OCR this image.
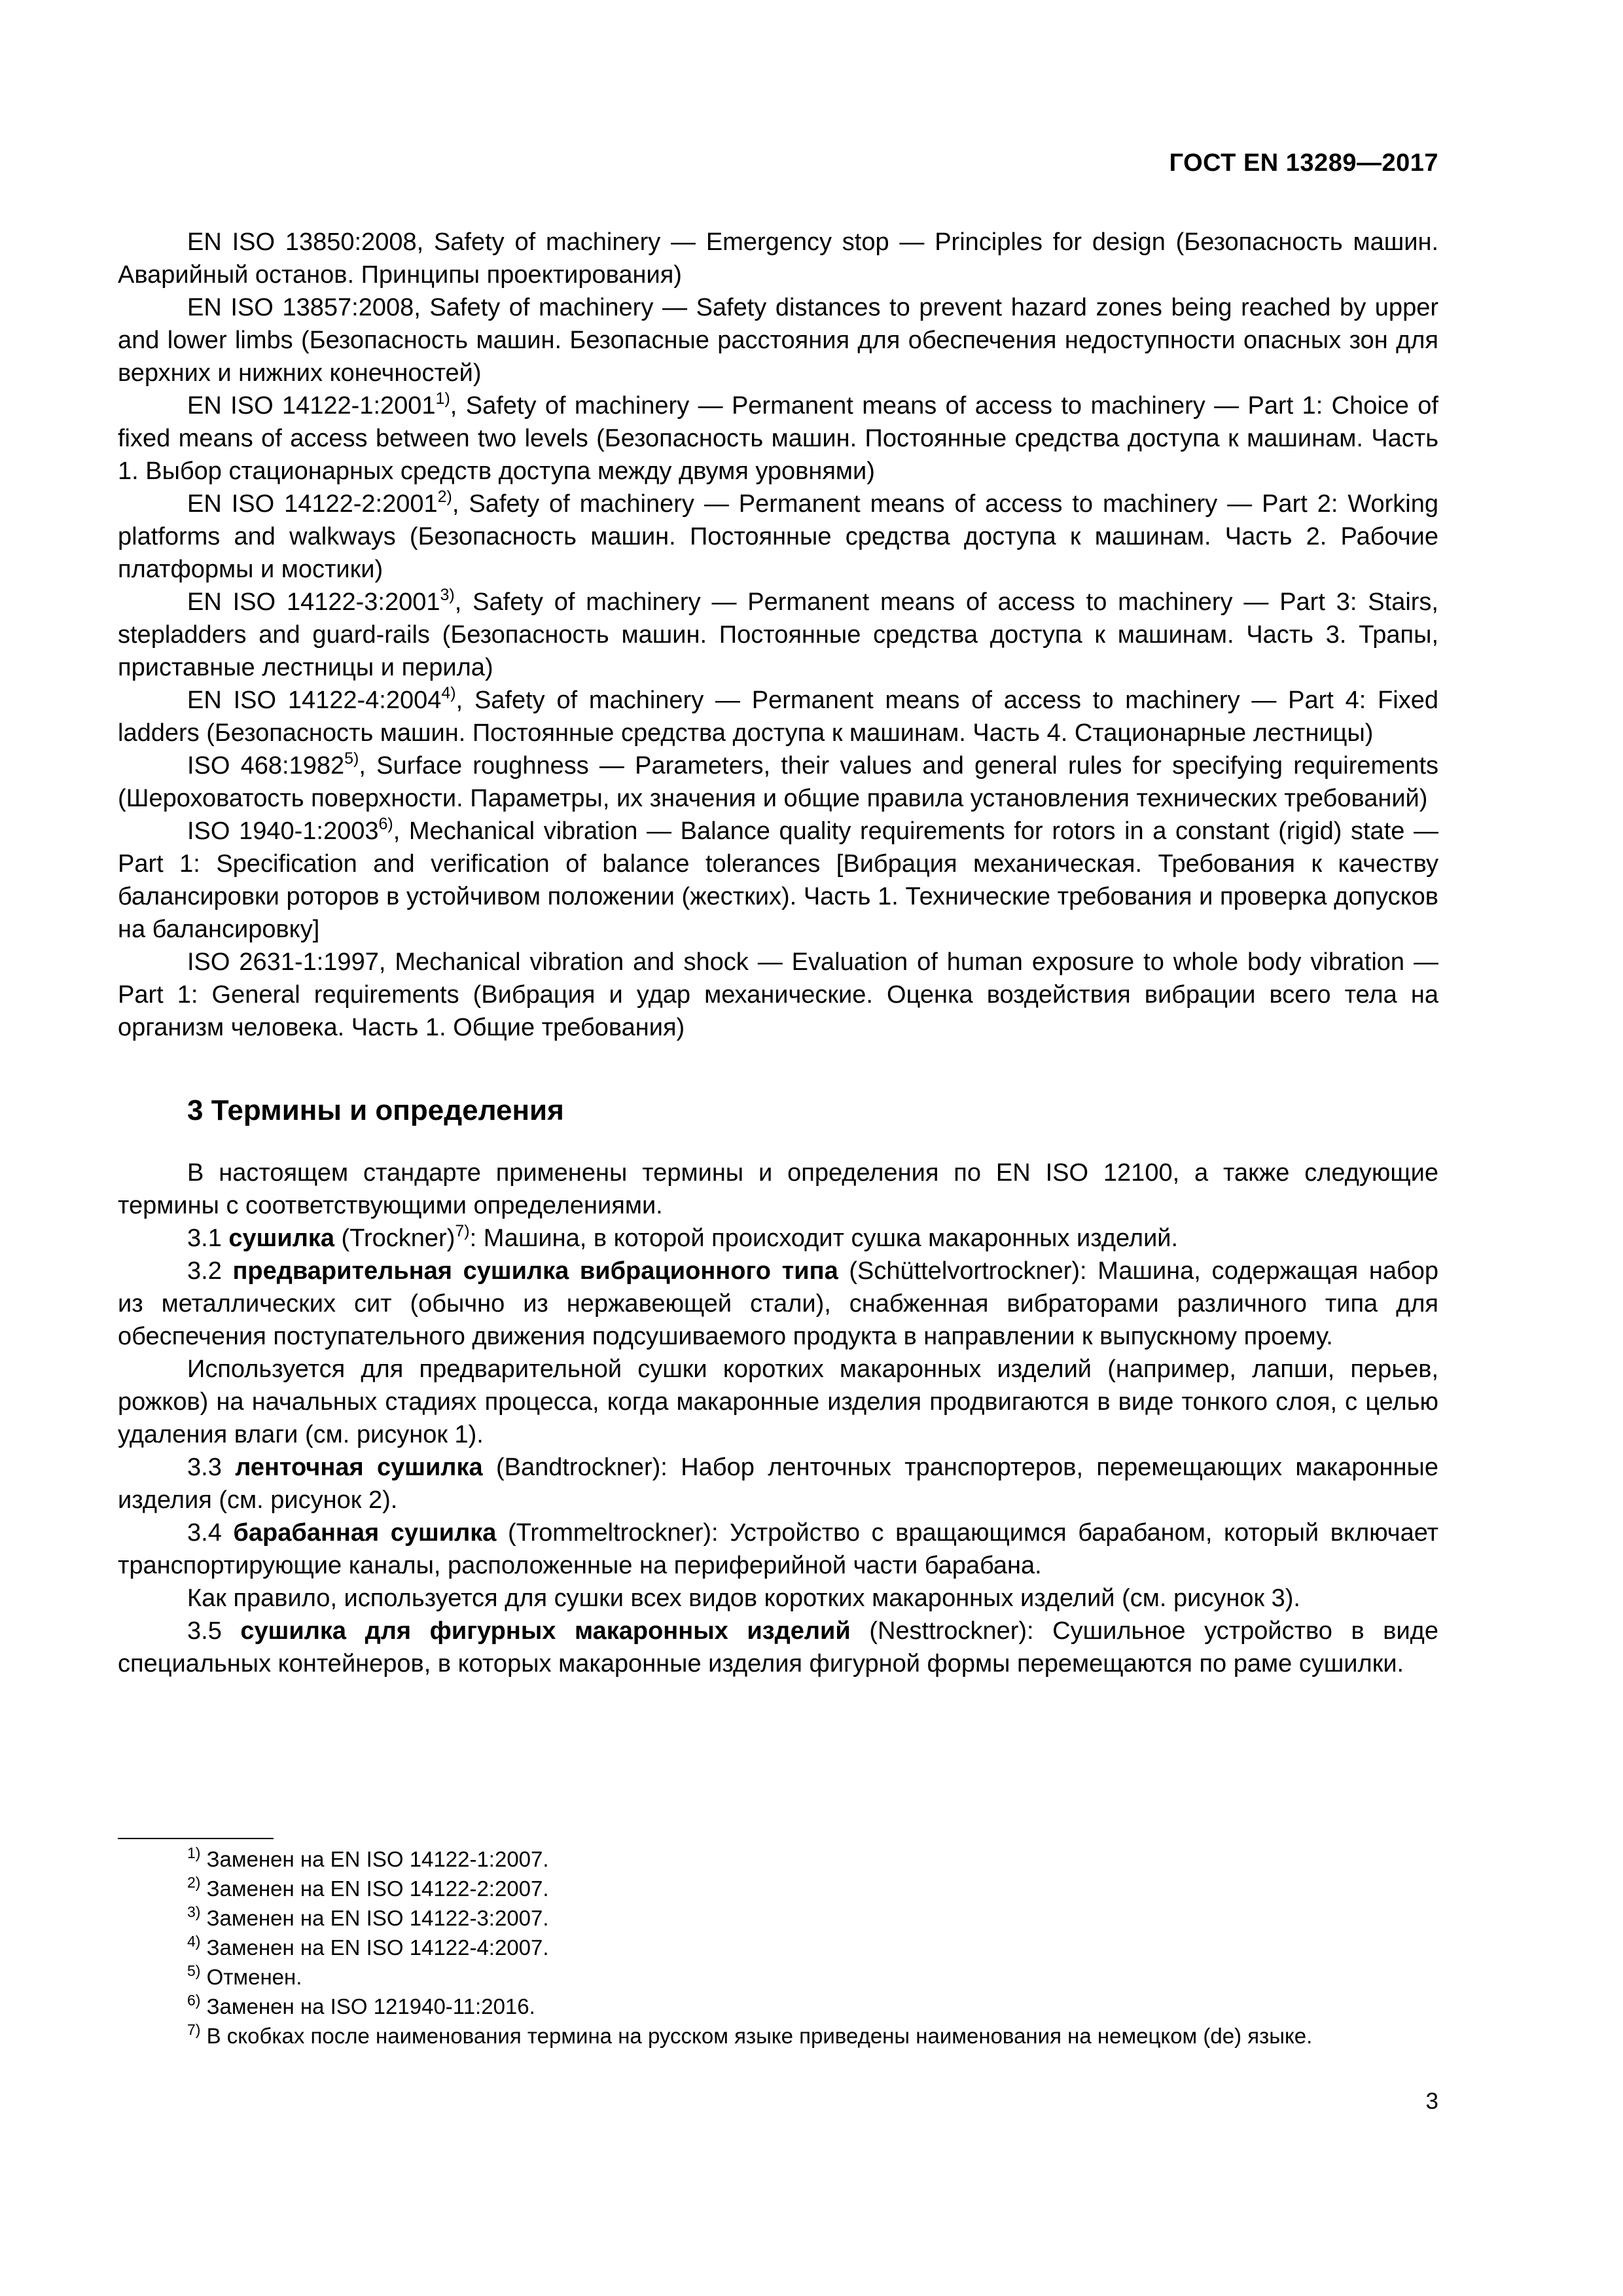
ГОСТ EN 13289—2017

EN ISO 13850:2008, Safety of machinery — Emergency stop — Principles for design (Безопасность машин. Аварийный останов. Принципы проектирования)

EN ISO 13857:2008, Safety of machinery — Safety distances to prevent hazard zones being reached by upper and lower limbs (Безопасность машин. Безопасные расстояния для обеспечения недоступности опасных зон для верхних и нижних конечностей)

EN ISO 14122-1:2001$^{1)}$, Safety of machinery — Permanent means of access to machinery — Part 1: Choice of fixed means of access between two levels (Безопасность машин. Постоянные средства доступа к машинам. Часть 1. Выбор стационарных средств доступа между двумя уровнями)

EN ISO 14122-2:2001$^{2)}$, Safety of machinery — Permanent means of access to machinery — Part 2: Working platforms and walkways (Безопасность машин. Постоянные средства доступа к машинам. Часть 2. Рабочие платформы и мостики)

EN ISO 14122-3:2001$^{3)}$, Safety of machinery — Permanent means of access to machinery — Part 3: Stairs, stepladders and guard-rails (Безопасность машин. Постоянные средства доступа к машинам. Часть 3. Трапы, приставные лестницы и перила)

EN ISO 14122-4:2004$^{4)}$, Safety of machinery — Permanent means of access to machinery — Part 4: Fixed ladders (Безопасность машин. Постоянные средства доступа к машинам. Часть 4. Стационарные лестницы)

ISO 468:1982$^{5)}$, Surface roughness — Parameters, their values and general rules for specifying requirements (Шероховатость поверхности. Параметры, их значения и общие правила установления технических требований)

ISO 1940-1:2003$^{6)}$, Mechanical vibration — Balance quality requirements for rotors in a constant (rigid) state — Part 1: Specification and verification of balance tolerances [Вибрация механическая. Требования к качеству балансировки роторов в устойчивом положении (жестких). Часть 1. Технические требования и проверка допусков на балансировку]

ISO 2631-1:1997, Mechanical vibration and shock — Evaluation of human exposure to whole body vibration — Part 1: General requirements (Вибрация и удар механические. Оценка воздействия вибрации всего тела на организм человека. Часть 1. Общие требования)

3 Термины и определения

В настоящем стандарте применены термины и определения по EN ISO 12100, а также следующие термины с соответствующими определениями.

3.1 сушилка (Trockner)$^{7)}$: Машина, в которой происходит сушка макаронных изделий.

3.2 предварительная сушилка вибрационного типа (Schüttelvortrockner): Машина, содержащая набор из металлических сит (обычно из нержавеющей стали), снабженная вибраторами различного типа для обеспечения поступательного движения подсушиваемого продукта в направлении к выпускному проему.

Используется для предварительной сушки коротких макаронных изделий (например, лапши, перьев, рожков) на начальных стадиях процесса, когда макаронные изделия продвигаются в виде тонкого слоя, с целью удаления влаги (см. рисунок 1).

3.3 ленточная сушилка (Bandtrockner): Набор ленточных транспортеров, перемещающих макаронные изделия (см. рисунок 2).

3.4 барабанная сушилка (Trommeltrockner): Устройство с вращающимся барабаном, который включает транспортирующие каналы, расположенные на периферийной части барабана.

Как правило, используется для сушки всех видов коротких макаронных изделий (см. рисунок 3).

3.5 сушилка для фигурных макаронных изделий (Nesttrockner): Сушильное устройство в виде специальных контейнеров, в которых макаронные изделия фигурной формы перемещаются по раме сушилки.

$^{1)}$ Заменен на EN ISO 14122-1:2007.

$^{2)}$ Заменен на EN ISO 14122-2:2007.

$^{3)}$ Заменен на EN ISO 14122-3:2007.

$^{4)}$ Заменен на EN ISO 14122-4:2007.

$^{5)}$ Отменен.

$^{6)}$ Заменен на ISO 121940-11:2016.

$^{7)}$ В скобках после наименования термина на русском языке приведены наименования на немецком (de) языке.

3
